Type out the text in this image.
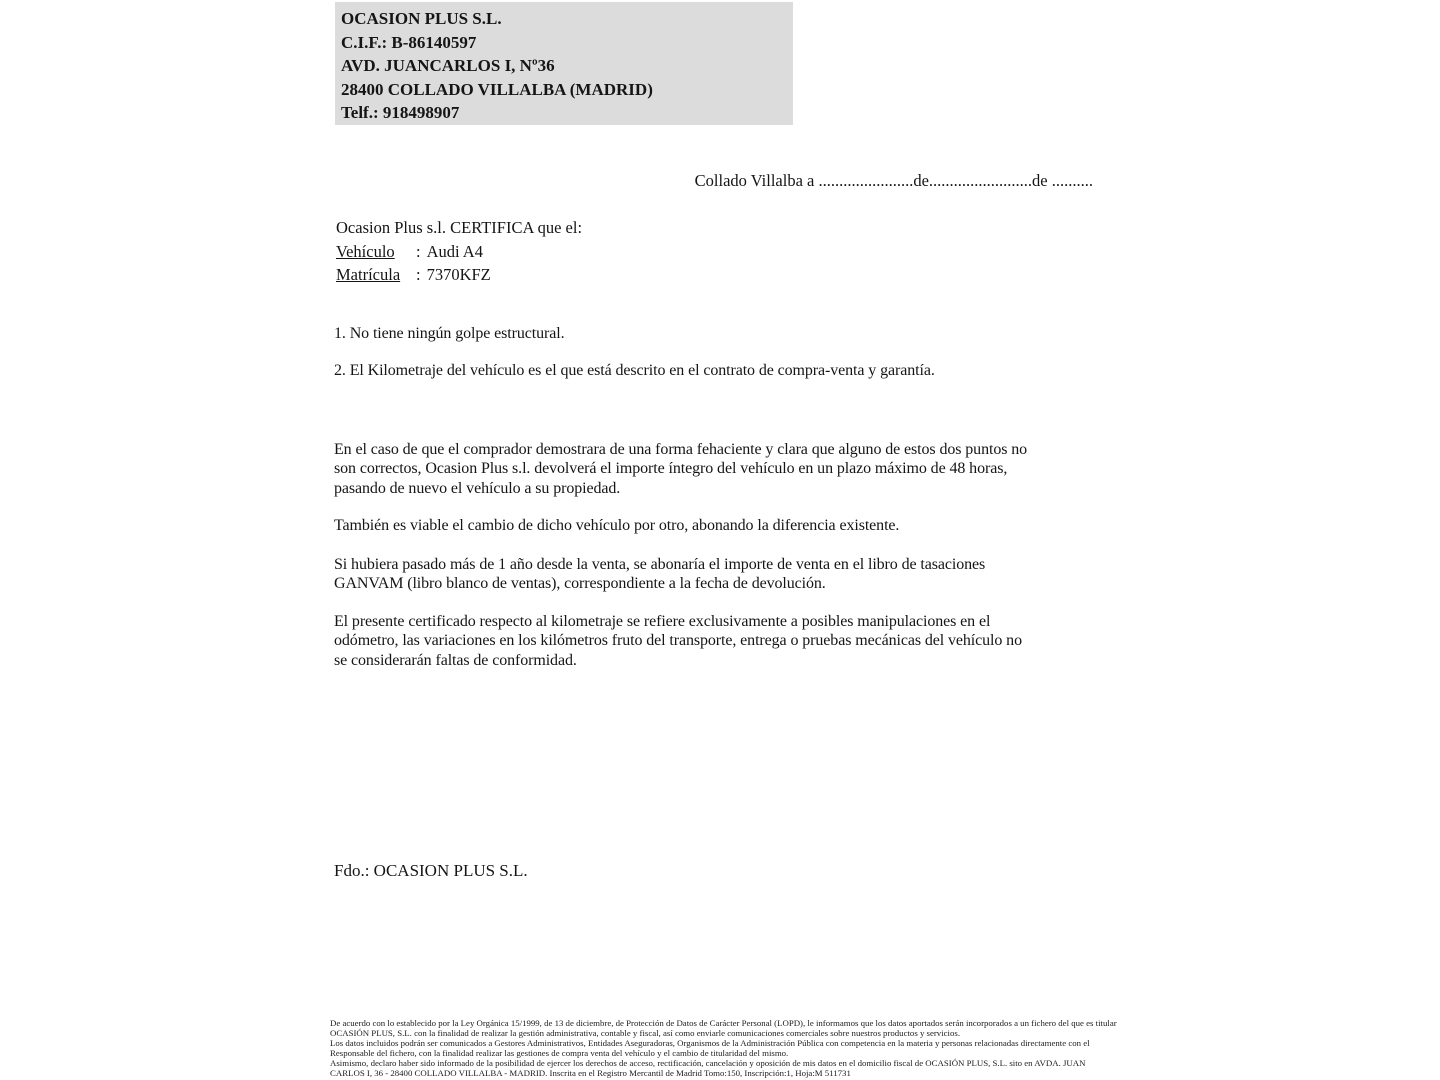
OCASION PLUS S.L.
C.I.F.: B-86140597
AVD. JUANCARLOS I, Nº36
28400 COLLADO VILLALBA (MADRID)
Telf.: 918498907
Collado Villalba a .......................de.........................de ..........
Ocasion Plus s.l. CERTIFICA que el:
Vehículo : Audi A4
Matrícula : 7370KFZ
1. No tiene ningún golpe estructural.
2. El Kilometraje del vehículo es el que está descrito en el contrato de compra-venta y garantía.
En el caso de que el comprador demostrara de una forma fehaciente y clara que alguno de estos dos puntos no
son correctos, Ocasion Plus s.l. devolverá el importe íntegro del vehículo en un plazo máximo de 48 horas,
pasando de nuevo el vehículo a su propiedad.
También es viable el cambio de dicho vehículo por otro, abonando la diferencia existente.
Si hubiera pasado más de 1 año desde la venta, se abonaría el importe de venta en el libro de tasaciones
GANVAM (libro blanco de ventas), correspondiente a la fecha de devolución.
El presente certificado respecto al kilometraje se refiere exclusivamente a posibles manipulaciones en el
odómetro, las variaciones en los kilómetros fruto del transporte, entrega o pruebas mecánicas del vehículo no
se considerarán faltas de conformidad.
Fdo.: OCASION PLUS S.L.
De acuerdo con lo establecido por la Ley Orgánica 15/1999, de 13 de diciembre, de Protección de Datos de Carácter Personal (LOPD), le informamos que los datos aportados serán incorporados a un fichero del que es titular
OCASIÓN PLUS, S.L. con la finalidad de realizar la gestión administrativa, contable y fiscal, así como enviarle comunicaciones comerciales sobre nuestros productos y servicios.
Los datos incluidos podrán ser comunicados a Gestores Administrativos, Entidades Aseguradoras, Organismos de la Administración Pública con competencia en la materia y personas relacionadas directamente con el
Responsable del fichero, con la finalidad realizar las gestiones de compra venta del vehículo y el cambio de titularidad del mismo.
Asimismo, declaro haber sido informado de la posibilidad de ejercer los derechos de acceso, rectificación, cancelación y oposición de mis datos en el domicilio fiscal de OCASIÓN PLUS, S.L. sito en AVDA. JUAN
CARLOS I, 36 - 28400 COLLADO VILLALBA - MADRID. Inscrita en el Registro Mercantil de Madrid Tomo:150, Inscripción:1, Hoja:M 511731
